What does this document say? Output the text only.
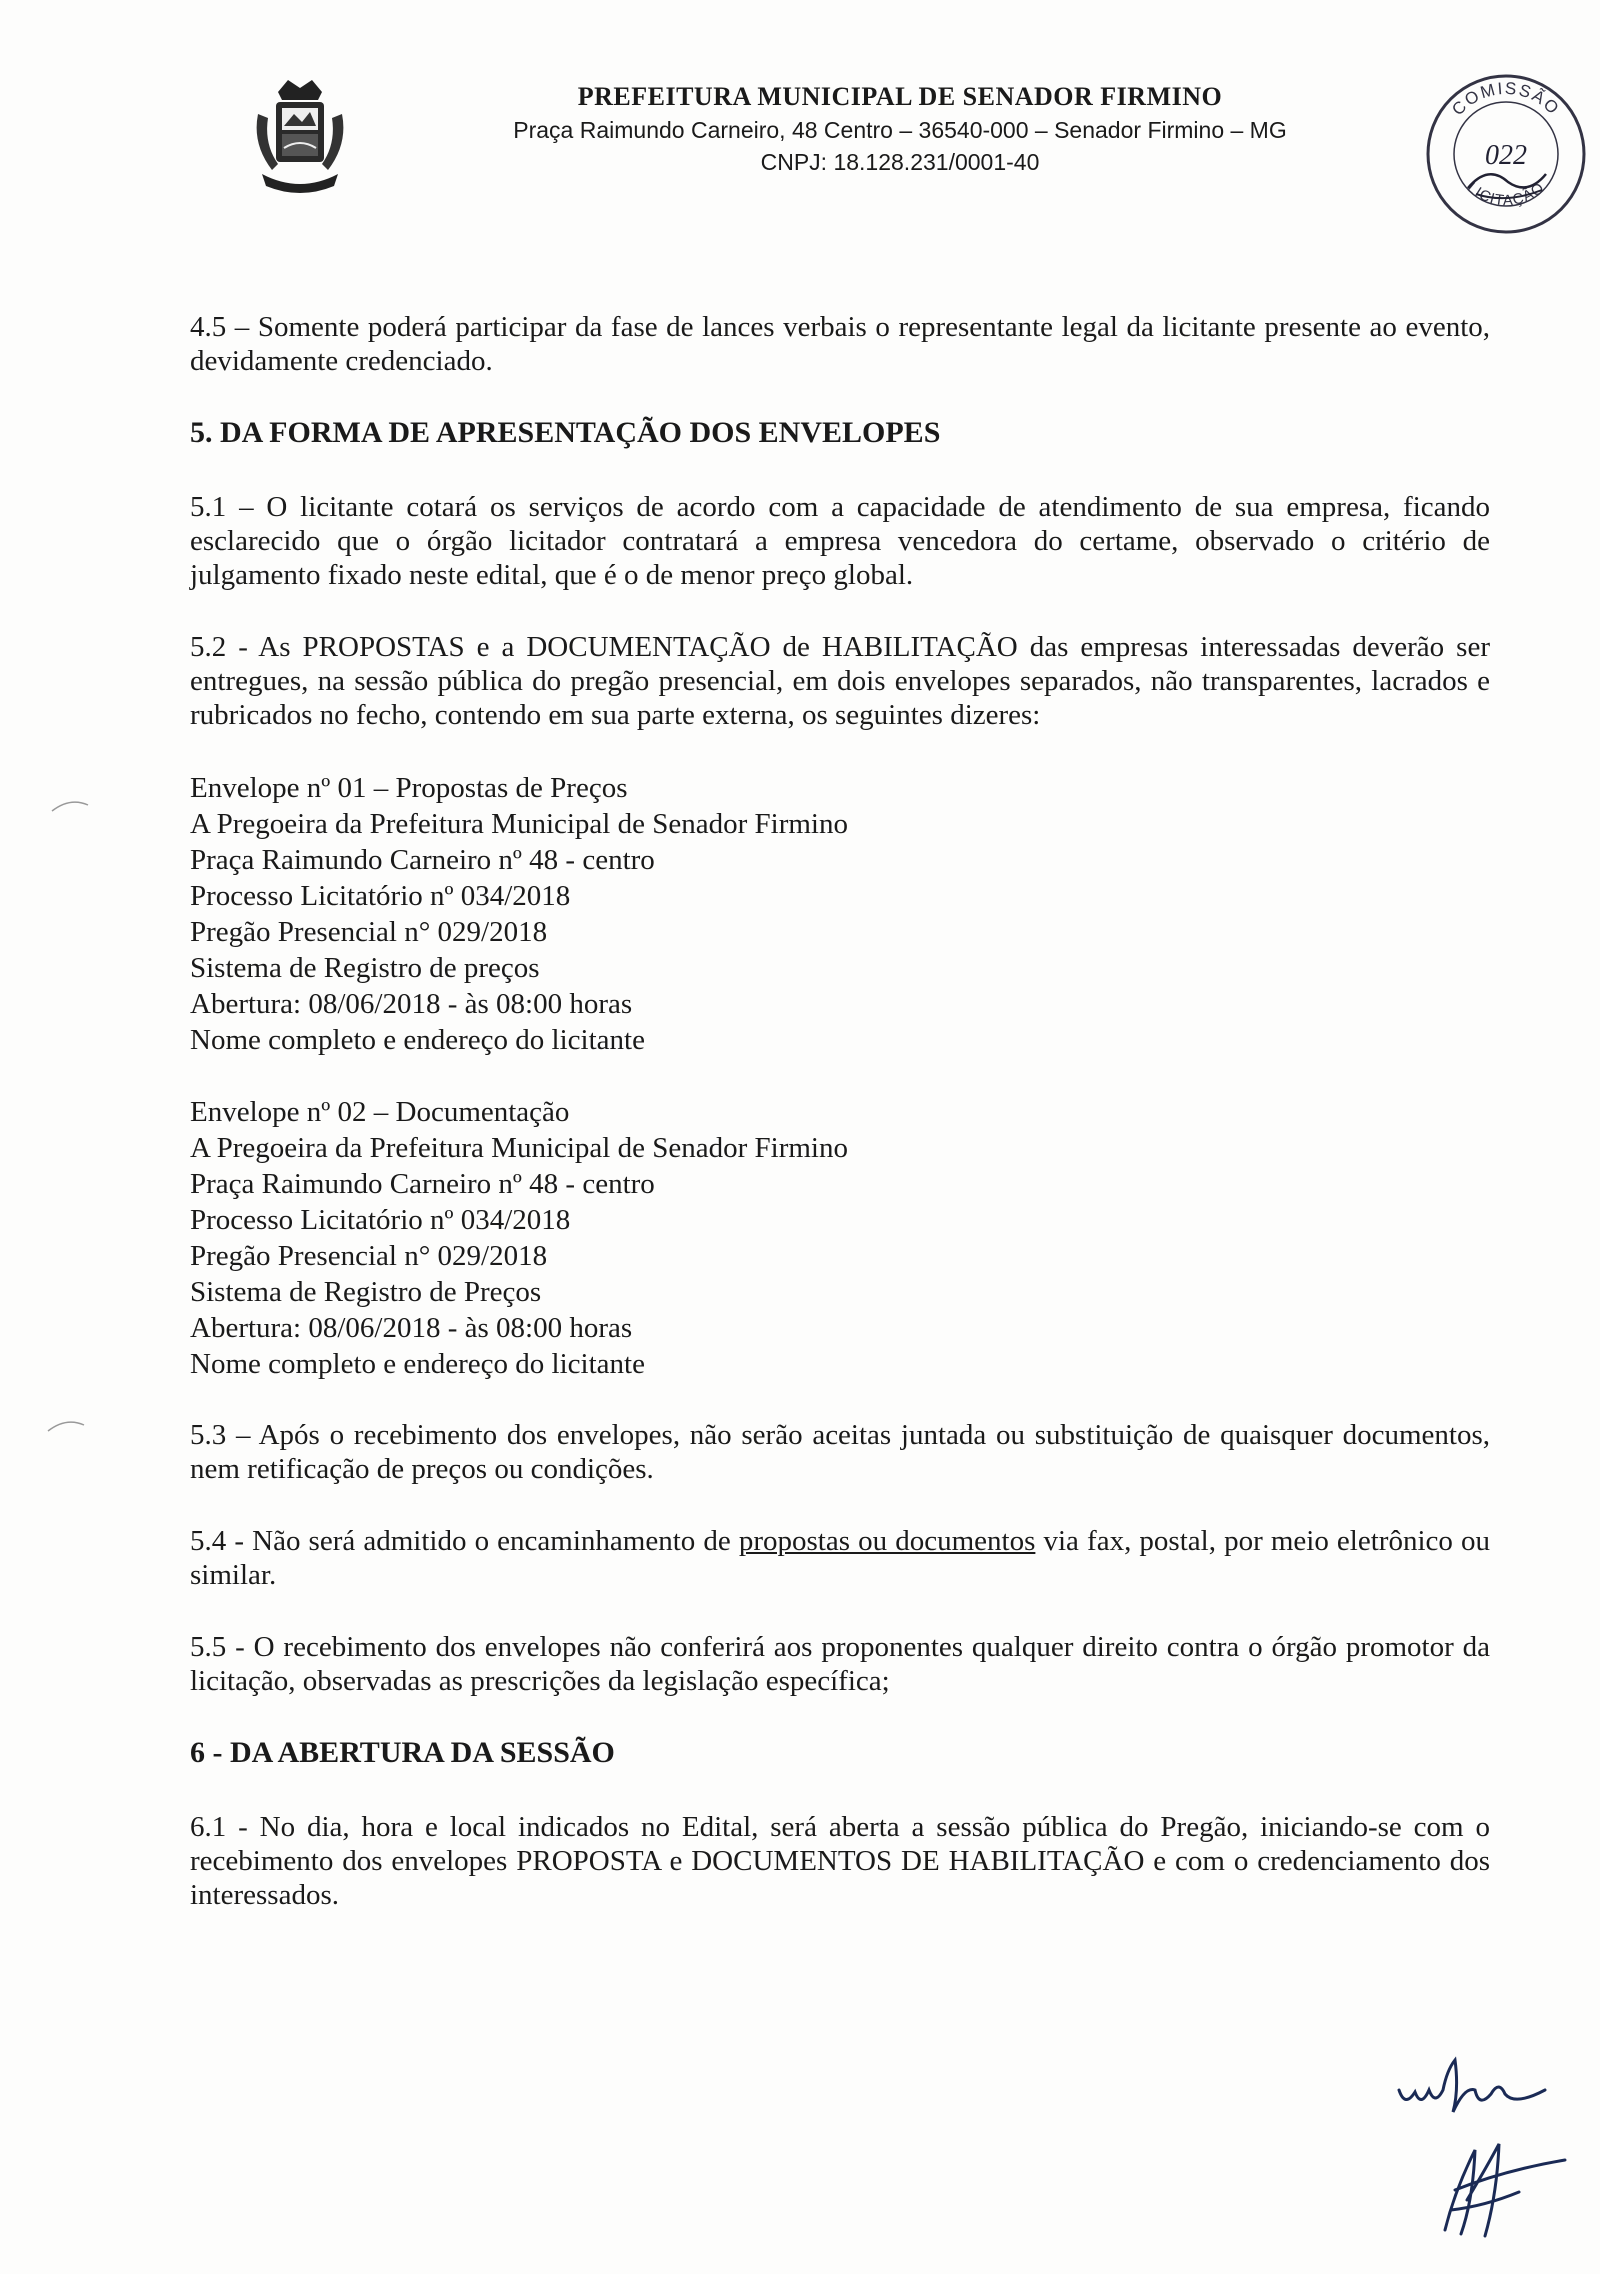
PREFEITURA MUNICIPAL DE SENADOR FIRMINO
Praça Raimundo Carneiro, 48 Centro – 36540-000 – Senador Firmino – MG
CNPJ: 18.128.231/0001-40
COMISSÃO
LICITAÇÃO
022

4.5 – Somente poderá participar da fase de lances verbais o representante legal da licitante presente ao evento, devidamente credenciado.

5. DA FORMA DE APRESENTAÇÃO DOS ENVELOPES

5.1 – O licitante cotará os serviços de acordo com a capacidade de atendimento de sua empresa, ficando esclarecido que o órgão licitador contratará a empresa vencedora do certame, observado o critério de julgamento fixado neste edital, que é o de menor preço global.

5.2 - As PROPOSTAS e a DOCUMENTAÇÃO de HABILITAÇÃO das empresas interessadas deverão ser entregues, na sessão pública do pregão presencial, em dois envelopes separados, não transparentes, lacrados e rubricados no fecho, contendo em sua parte externa, os seguintes dizeres:

Envelope nº 01 – Propostas de Preços
A Pregoeira da Prefeitura Municipal de Senador Firmino
Praça Raimundo Carneiro nº 48 - centro
Processo Licitatório nº 034/2018
Pregão Presencial n° 029/2018
Sistema de Registro de preços
Abertura: 08/06/2018 - às 08:00 horas
Nome completo e endereço do licitante
Envelope nº 02 – Documentação
A Pregoeira da Prefeitura Municipal de Senador Firmino
Praça Raimundo Carneiro nº 48 - centro
Processo Licitatório nº 034/2018
Pregão Presencial n° 029/2018
Sistema de Registro de Preços
Abertura: 08/06/2018 - às 08:00 horas
Nome completo e endereço do licitante

5.3 – Após o recebimento dos envelopes, não serão aceitas juntada ou substituição de quaisquer documentos, nem retificação de preços ou condições.

5.4 - Não será admitido o encaminhamento de propostas ou documentos via fax, postal, por meio eletrônico ou similar.

5.5 - O recebimento dos envelopes não conferirá aos proponentes qualquer direito contra o órgão promotor da licitação, observadas as prescrições da legislação específica;

6 - DA ABERTURA DA SESSÃO

6.1 - No dia, hora e local indicados no Edital, será aberta a sessão pública do Pregão, iniciando-se com o recebimento dos envelopes PROPOSTA e DOCUMENTOS DE HABILITAÇÃO e com o credenciamento dos interessados.
